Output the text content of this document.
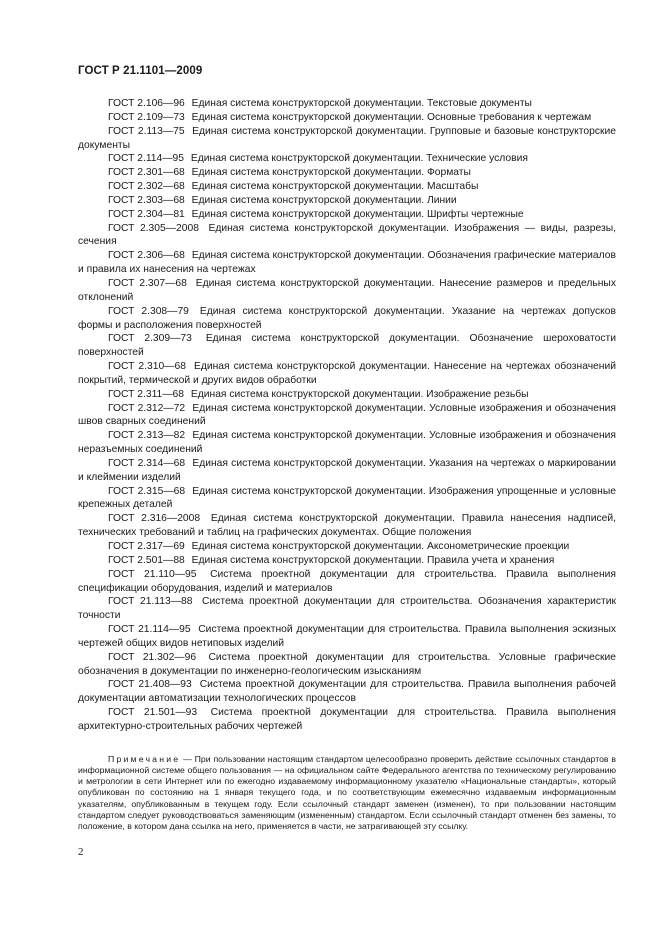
ГОСТ Р 21.1101—2009

ГОСТ 2.106—96 Единая система конструкторской документации. Текстовые документы

ГОСТ 2.109—73 Единая система конструкторской документации. Основные требования к чертежам

ГОСТ 2.113—75 Единая система конструкторской документации. Групповые и базовые конструкторские документы

ГОСТ 2.114—95 Единая система конструкторской документации. Технические условия

ГОСТ 2.301—68 Единая система конструкторской документации. Форматы

ГОСТ 2.302—68 Единая система конструкторской документации. Масштабы

ГОСТ 2.303—68 Единая система конструкторской документации. Линии

ГОСТ 2.304—81 Единая система конструкторской документации. Шрифты чертежные

ГОСТ 2.305—2008 Единая система конструкторской документации. Изображения — виды, разрезы, сечения

ГОСТ 2.306—68 Единая система конструкторской документации. Обозначения графические материалов и правила их нанесения на чертежах

ГОСТ 2.307—68 Единая система конструкторской документации. Нанесение размеров и предельных отклонений

ГОСТ 2.308—79 Единая система конструкторской документации. Указание на чертежах допусков формы и расположения поверхностей

ГОСТ 2.309—73 Единая система конструкторской документации. Обозначение шероховатости поверхностей

ГОСТ 2.310—68 Единая система конструкторской документации. Нанесение на чертежах обозначений покрытий, термической и других видов обработки

ГОСТ 2.311—68 Единая система конструкторской документации. Изображение резьбы

ГОСТ 2.312—72 Единая система конструкторской документации. Условные изображения и обозначения швов сварных соединений

ГОСТ 2.313—82 Единая система конструкторской документации. Условные изображения и обозначения неразъемных соединений

ГОСТ 2.314—68 Единая система конструкторской документации. Указания на чертежах о маркировании и клеймении изделий

ГОСТ 2.315—68 Единая система конструкторской документации. Изображения упрощенные и условные крепежных деталей

ГОСТ 2.316—2008 Единая система конструкторской документации. Правила нанесения надписей, технических требований и таблиц на графических документах. Общие положения

ГОСТ 2.317—69 Единая система конструкторской документации. Аксонометрические проекции

ГОСТ 2.501—88 Единая система конструкторской документации. Правила учета и хранения

ГОСТ 21.110—95 Система проектной документации для строительства. Правила выполнения спецификации оборудования, изделий и материалов

ГОСТ 21.113—88 Система проектной документации для строительства. Обозначения характеристик точности

ГОСТ 21.114—95 Система проектной документации для строительства. Правила выполнения эскизных чертежей общих видов нетиповых изделий

ГОСТ 21.302—96 Система проектной документации для строительства. Условные графические обозначения в документации по инженерно-геологическим изысканиям

ГОСТ 21.408—93 Система проектной документации для строительства. Правила выполнения рабочей документации автоматизации технологических процессов

ГОСТ 21.501—93 Система проектной документации для строительства. Правила выполнения архитектурно-строительных рабочих чертежей

Примечание — При пользовании настоящим стандартом целесообразно проверить действие ссылочных стандартов в информационной системе общего пользования — на официальном сайте Федерального агентства по техническому регулированию и метрологии в сети Интернет или по ежегодно издаваемому информационному указателю «Национальные стандарты», который опубликован по состоянию на 1 января текущего года, и по соответствующим ежемесячно издаваемым информационным указателям, опубликованным в текущем году. Если ссылочный стандарт заменен (изменен), то при пользовании настоящим стандартом следует руководствоваться заменяющим (измененным) стандартом. Если ссылочный стандарт отменен без замены, то положение, в котором дана ссылка на него, применяется в части, не затрагивающей эту ссылку.

2
